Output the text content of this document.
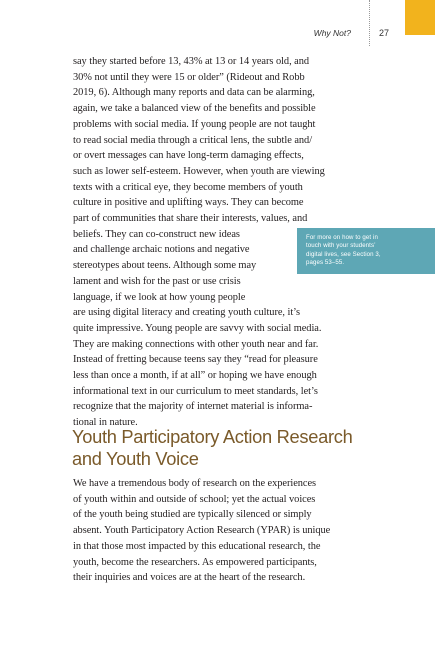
Why Not?	27

say they started before 13, 43% at 13 or 14 years old, and
30% not until they were 15 or older” (Rideout and Robb
2019, 6). Although many reports and data can be alarming,
again, we take a balanced view of the benefits and possible
problems with social media. If young people are not taught
to read social media through a critical lens, the subtle and/
or overt messages can have long-term damaging effects,
such as lower self-esteem. However, when youth are viewing
texts with a critical eye, they become members of youth
culture in positive and uplifting ways. They can become
part of communities that share their interests, values, and
beliefs. They can co-construct new ideas
and challenge archaic notions and negative
stereotypes about teens. Although some may
lament and wish for the past or use crisis
language, if we look at how young people
are using digital literacy and creating youth culture, it’s
quite impressive. Young people are savvy with social media.
They are making connections with other youth near and far.
Instead of fretting because teens say they “read for pleasure
less than once a month, if at all” or hoping we have enough
informational text in our curriculum to meet standards, let’s
recognize that the majority of internet material is informa-
tional in nature.

For more on how to get in
touch with your students’
digital lives, see Section 3,
pages 53–55.
Youth Participatory Action Research
and Youth Voice

We have a tremendous body of research on the experiences
of youth within and outside of school; yet the actual voices
of the youth being studied are typically silenced or simply
absent. Youth Participatory Action Research (YPAR) is unique
in that those most impacted by this educational research, the
youth, become the researchers. As empowered participants,
their inquiries and voices are at the heart of the research.
